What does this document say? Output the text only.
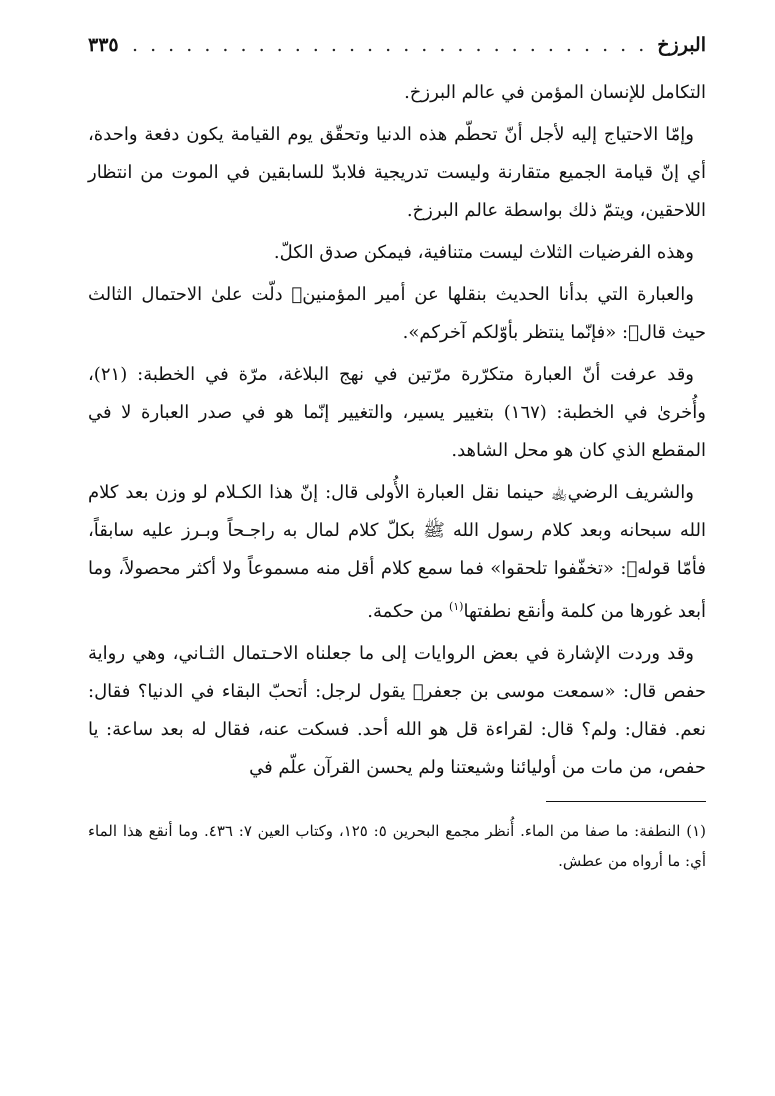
البرزخ
. . .
٣٣٥

التكامل للإنسان المؤمن في عالم البرزخ.

وإمّا الاحتياج إليه لأجل أنّ تحطّم هذه الدنيا وتحقّق يوم القيامة يكون دفعة واحدة، أي إنّ قيامة الجميع متقارنة وليست تدريجية فلابدّ للسابقين في الموت من انتظار اللاحقين، ويتمّ ذلك بواسطة عالم البرزخ.

وهذه الفرضيات الثلاث ليست متنافية، فيمكن صدق الكلّ.

والعبارة التي بدأنا الحديث بنقلها عن أمير المؤمنين﷤ دلّت علىٰ الاحتمال الثالث حيث قال﷤: «فإنّما ينتظر بأوّلكم آخركم».

وقد عرفت أنّ العبارة متكرّرة مرّتين في نهج البلاغة، مرّة في الخطبة: (٢١)، وأُخرىٰ في الخطبة: (١٦٧) بتغيير يسير، والتغيير إنّما هو في صدر العبارة لا في المقطع الذي كان هو محل الشاهد.

والشريف الرضي﵀ حينما نقل العبارة الأُولى قال: إنّ هذا الكـلام لو وزن بعد كلام الله سبحانه وبعد كلام رسول الله ﷺ بكلّ كلام لمال به راجـحاً وبـرز عليه سابقاً، فأمّا قوله﷤: «تخفّفوا تلحقوا» فما سمع كلام أقل منه مسموعاً ولا أكثر محصولاً، وما أبعد غورها من كلمة وأنقع نطفتها$^{(١)}$ من حكمة.

وقد وردت الإشارة في بعض الروايات إلى ما جعلناه الاحـتمال الثـاني، وهي رواية حفص قال: «سمعت موسى بن جعفر﷤ يقول لرجل: أتحبّ البقاء في الدنيا؟ فقال: نعم. فقال: ولم؟ قال: لقراءة قل هو الله أحد. فسكت عنه، فقال له بعد ساعة: يا حفص، من مات من أوليائنا وشيعتنا ولم يحسن القرآن علّم في

(١) النطفة: ما صفا من الماء. أُنظر مجمع البحرين ٥: ١٢٥، وكتاب العين ٧: ٤٣٦. وما أنقع هذا الماء أي: ما أرواه من عطش.
